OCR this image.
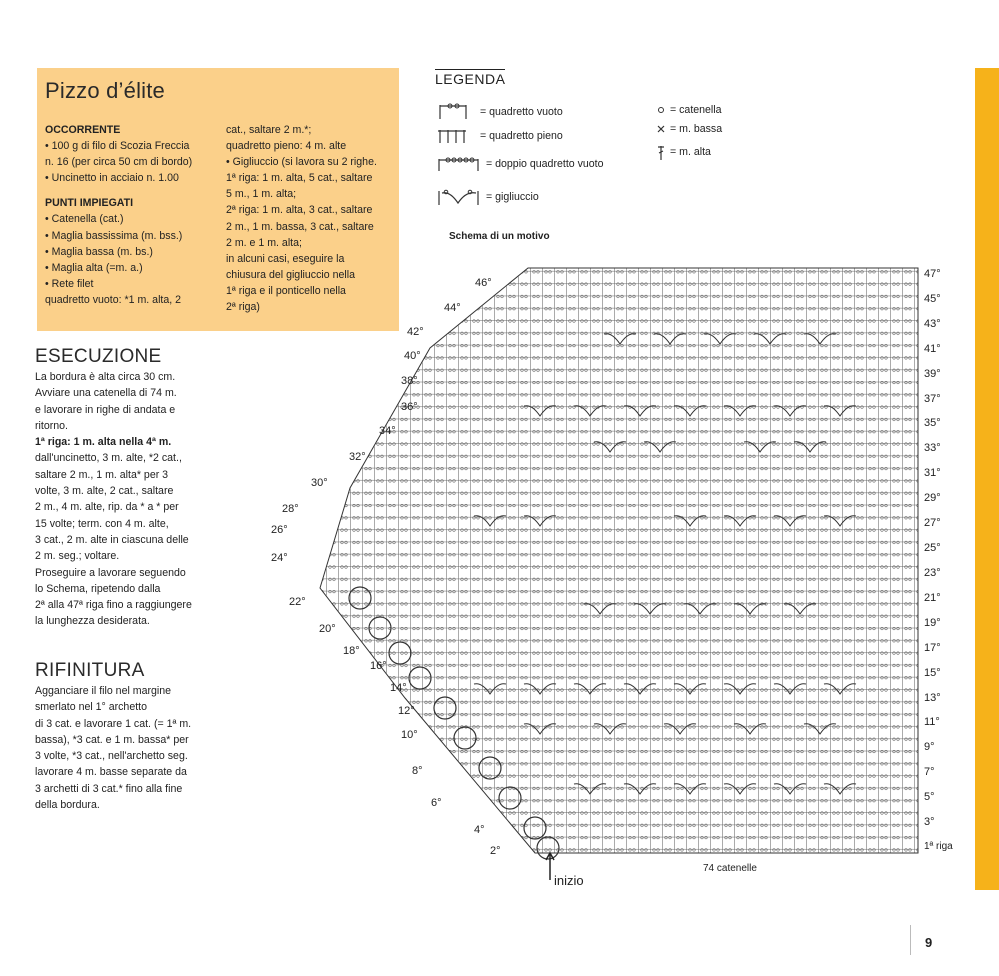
Pizzo d’élite
OCCORRENTE
• 100 g di filo di Scozia Freccia
n. 16 (per circa 50 cm di bordo)
• Uncinetto in acciaio n. 1.00
PUNTI IMPIEGATI
• Catenella (cat.)
• Maglia bassissima (m. bss.)
• Maglia bassa (m. bs.)
• Maglia alta (=m. a.)
• Rete filet
quadretto vuoto: *1 m. alta, 2
cat., saltare 2 m.*;
quadretto pieno: 4 m. alte
• Gigliuccio (si lavora su 2 righe.
1ª riga: 1 m. alta, 5 cat., saltare
5 m., 1 m. alta;
2ª riga: 1 m. alta, 3 cat., saltare
2 m., 1 m. bassa, 3 cat., saltare
2 m. e 1 m. alta;
in alcuni casi, eseguire la
chiusura del gigliuccio nella
1ª riga e il ponticello nella
2ª riga)
ESECUZIONE
La bordura è alta circa 30 cm.
Avviare una catenella di 74 m.
e lavorare in righe di andata e
ritorno.
1ª riga: 1 m. alta nella 4ª m.
dall'uncinetto, 3 m. alte, *2 cat.,
saltare 2 m., 1 m. alta* per 3
volte, 3 m. alte, 2 cat., saltare
2 m., 4 m. alte, rip. da * a * per
15 volte; term. con 4 m. alte,
3 cat., 2 m. alte in ciascuna delle
2 m. seg.; voltare.
Proseguire a lavorare seguendo
lo Schema, ripetendo dalla
2ª alla 47ª riga fino a raggiungere
la lunghezza desiderata.
RIFINITURA
Agganciare il filo nel margine
smerlato nel 1° archetto
di 3 cat. e lavorare 1 cat. (= 1ª m.
bassa), *3 cat. e 1 m. bassa* per
3 volte, *3 cat., nell'archetto seg.
lavorare 4 m. basse separate da
3 archetti di 3 cat.* fino alla fine
della bordura.
LEGENDA
= quadretto vuoto
= quadretto pieno
= doppio quadretto vuoto
= gigliuccio
= catenella
= m. bassa
= m. alta
Schema di un motivo
47°
45°
43°
41°
39°
37°
35°
33°
31°
29°
27°
25°
23°
21°
19°
17°
15°
13°
11°
9°
7°
5°
3°
1ª riga
46°
44°
42°
40°
38°
36°
34°
32°
30°
28°
26°
24°
22°
20°
18°
16°
14°
12°
10°
8°
6°
4°
2°
74 catenelle
inizio
9
